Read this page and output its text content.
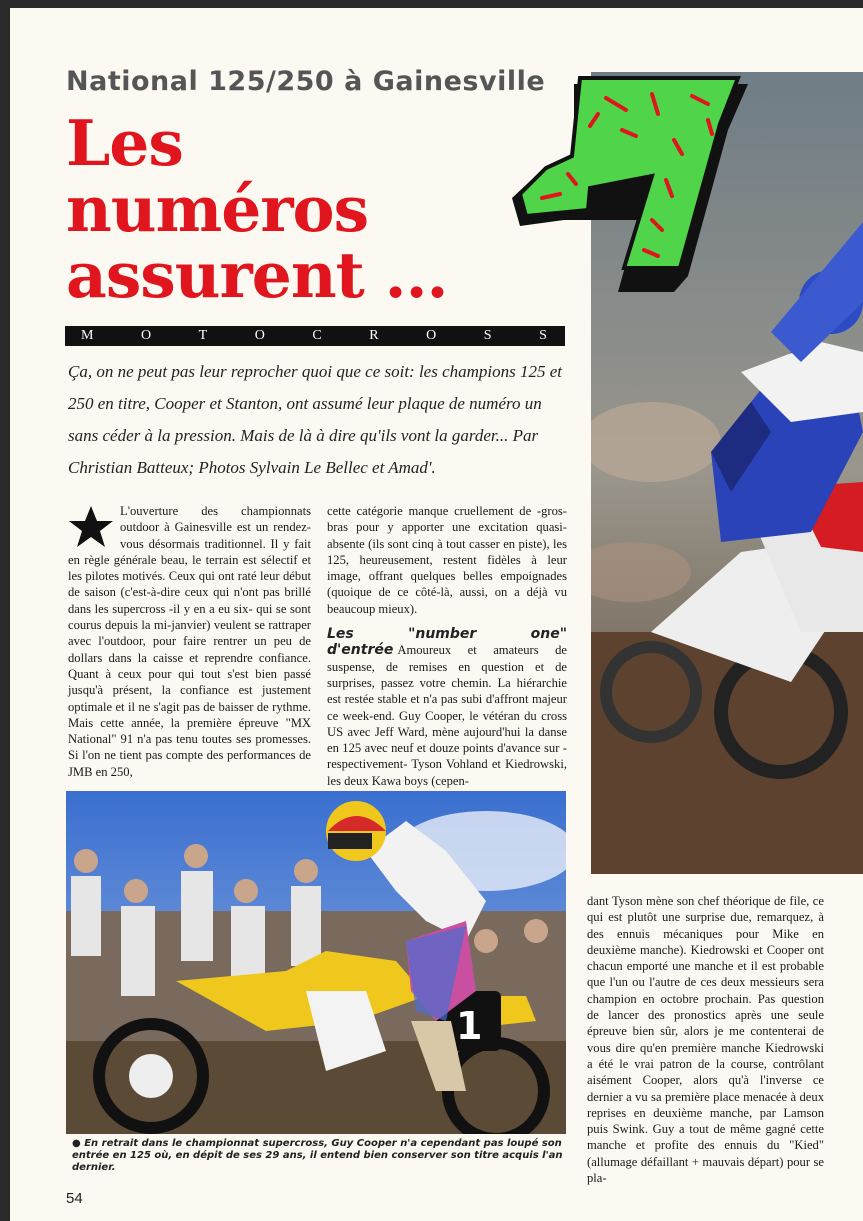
National 125/250 à Gainesville
Les
numéros
assurent ...
M	O	T	O	C	R	O	S	S
Ça, on ne peut pas leur reprocher quoi que ce soit: les champions 125 et 250 en titre, Cooper et Stanton, ont assumé leur plaque de numéro un sans céder à la pression. Mais de là à dire qu'ils vont la garder... Par Christian Batteux; Photos Sylvain Le Bellec et Amad'.
L'ouverture des championnats outdoor à Gainesville est un rendez-vous désormais traditionnel. Il y fait en règle générale beau, le terrain est sélectif et les pilotes motivés. Ceux qui ont raté leur début de saison (c'est-à-dire ceux qui n'ont pas brillé dans les supercross -il y en a eu six- qui se sont courus depuis la mi-janvier) veulent se rattraper avec l'outdoor, pour faire rentrer un peu de dollars dans la caisse et reprendre confiance. Quant à ceux pour qui tout s'est bien passé jusqu'à présent, la confiance est justement optimale et il ne s'agit pas de baisser de rythme. Mais cette année, la première épreuve "MX National" 91 n'a pas tenu toutes ses promesses. Si l'on ne tient pas compte des performances de JMB en 250,
cette catégorie manque cruellement de -gros- bras pour y apporter une excitation quasi-absente (ils sont cinq à tout casser en piste), les 125, heureusement, restent fidèles à leur image, offrant quelques belles empoignades (quoique de ce côté-là, aussi, on a déjà vu beaucoup mieux).
Les "number one" d'entrée Amoureux et amateurs de suspense, de remises en question et de surprises, passez votre chemin. La hiérarchie est restée stable et n'a pas subi d'affront majeur ce week-end. Guy Cooper, le vétéran du cross US avec Jeff Ward, mène aujourd'hui la danse en 125 avec neuf et douze points d'avance sur -respectivement- Tyson Vohland et Kiedrowski, les deux Kawa boys (cepen-
1
● En retrait dans le championnat supercross, Guy Cooper n'a cependant pas loupé son entrée en 125 où, en dépit de ses 29 ans, il entend bien conserver son titre acquis l'an dernier.
dant Tyson mène son chef théorique de file, ce qui est plutôt une surprise due, remarquez, à des ennuis mécaniques pour Mike en deuxième manche). Kiedrowski et Cooper ont chacun emporté une manche et il est probable que l'un ou l'autre de ces deux messieurs sera champion en octobre prochain. Pas question de lancer des pronostics après une seule épreuve bien sûr, alors je me contenterai de vous dire qu'en première manche Kiedrowski a été le vrai patron de la course, contrôlant aisément Cooper, alors qu'à l'inverse ce dernier a vu sa première place menacée à deux reprises en deuxième manche, par Lamson puis Swink. Guy a tout de même gagné cette manche et profite des ennuis du "Kied" (allumage défaillant + mauvais départ) pour se pla-
54
